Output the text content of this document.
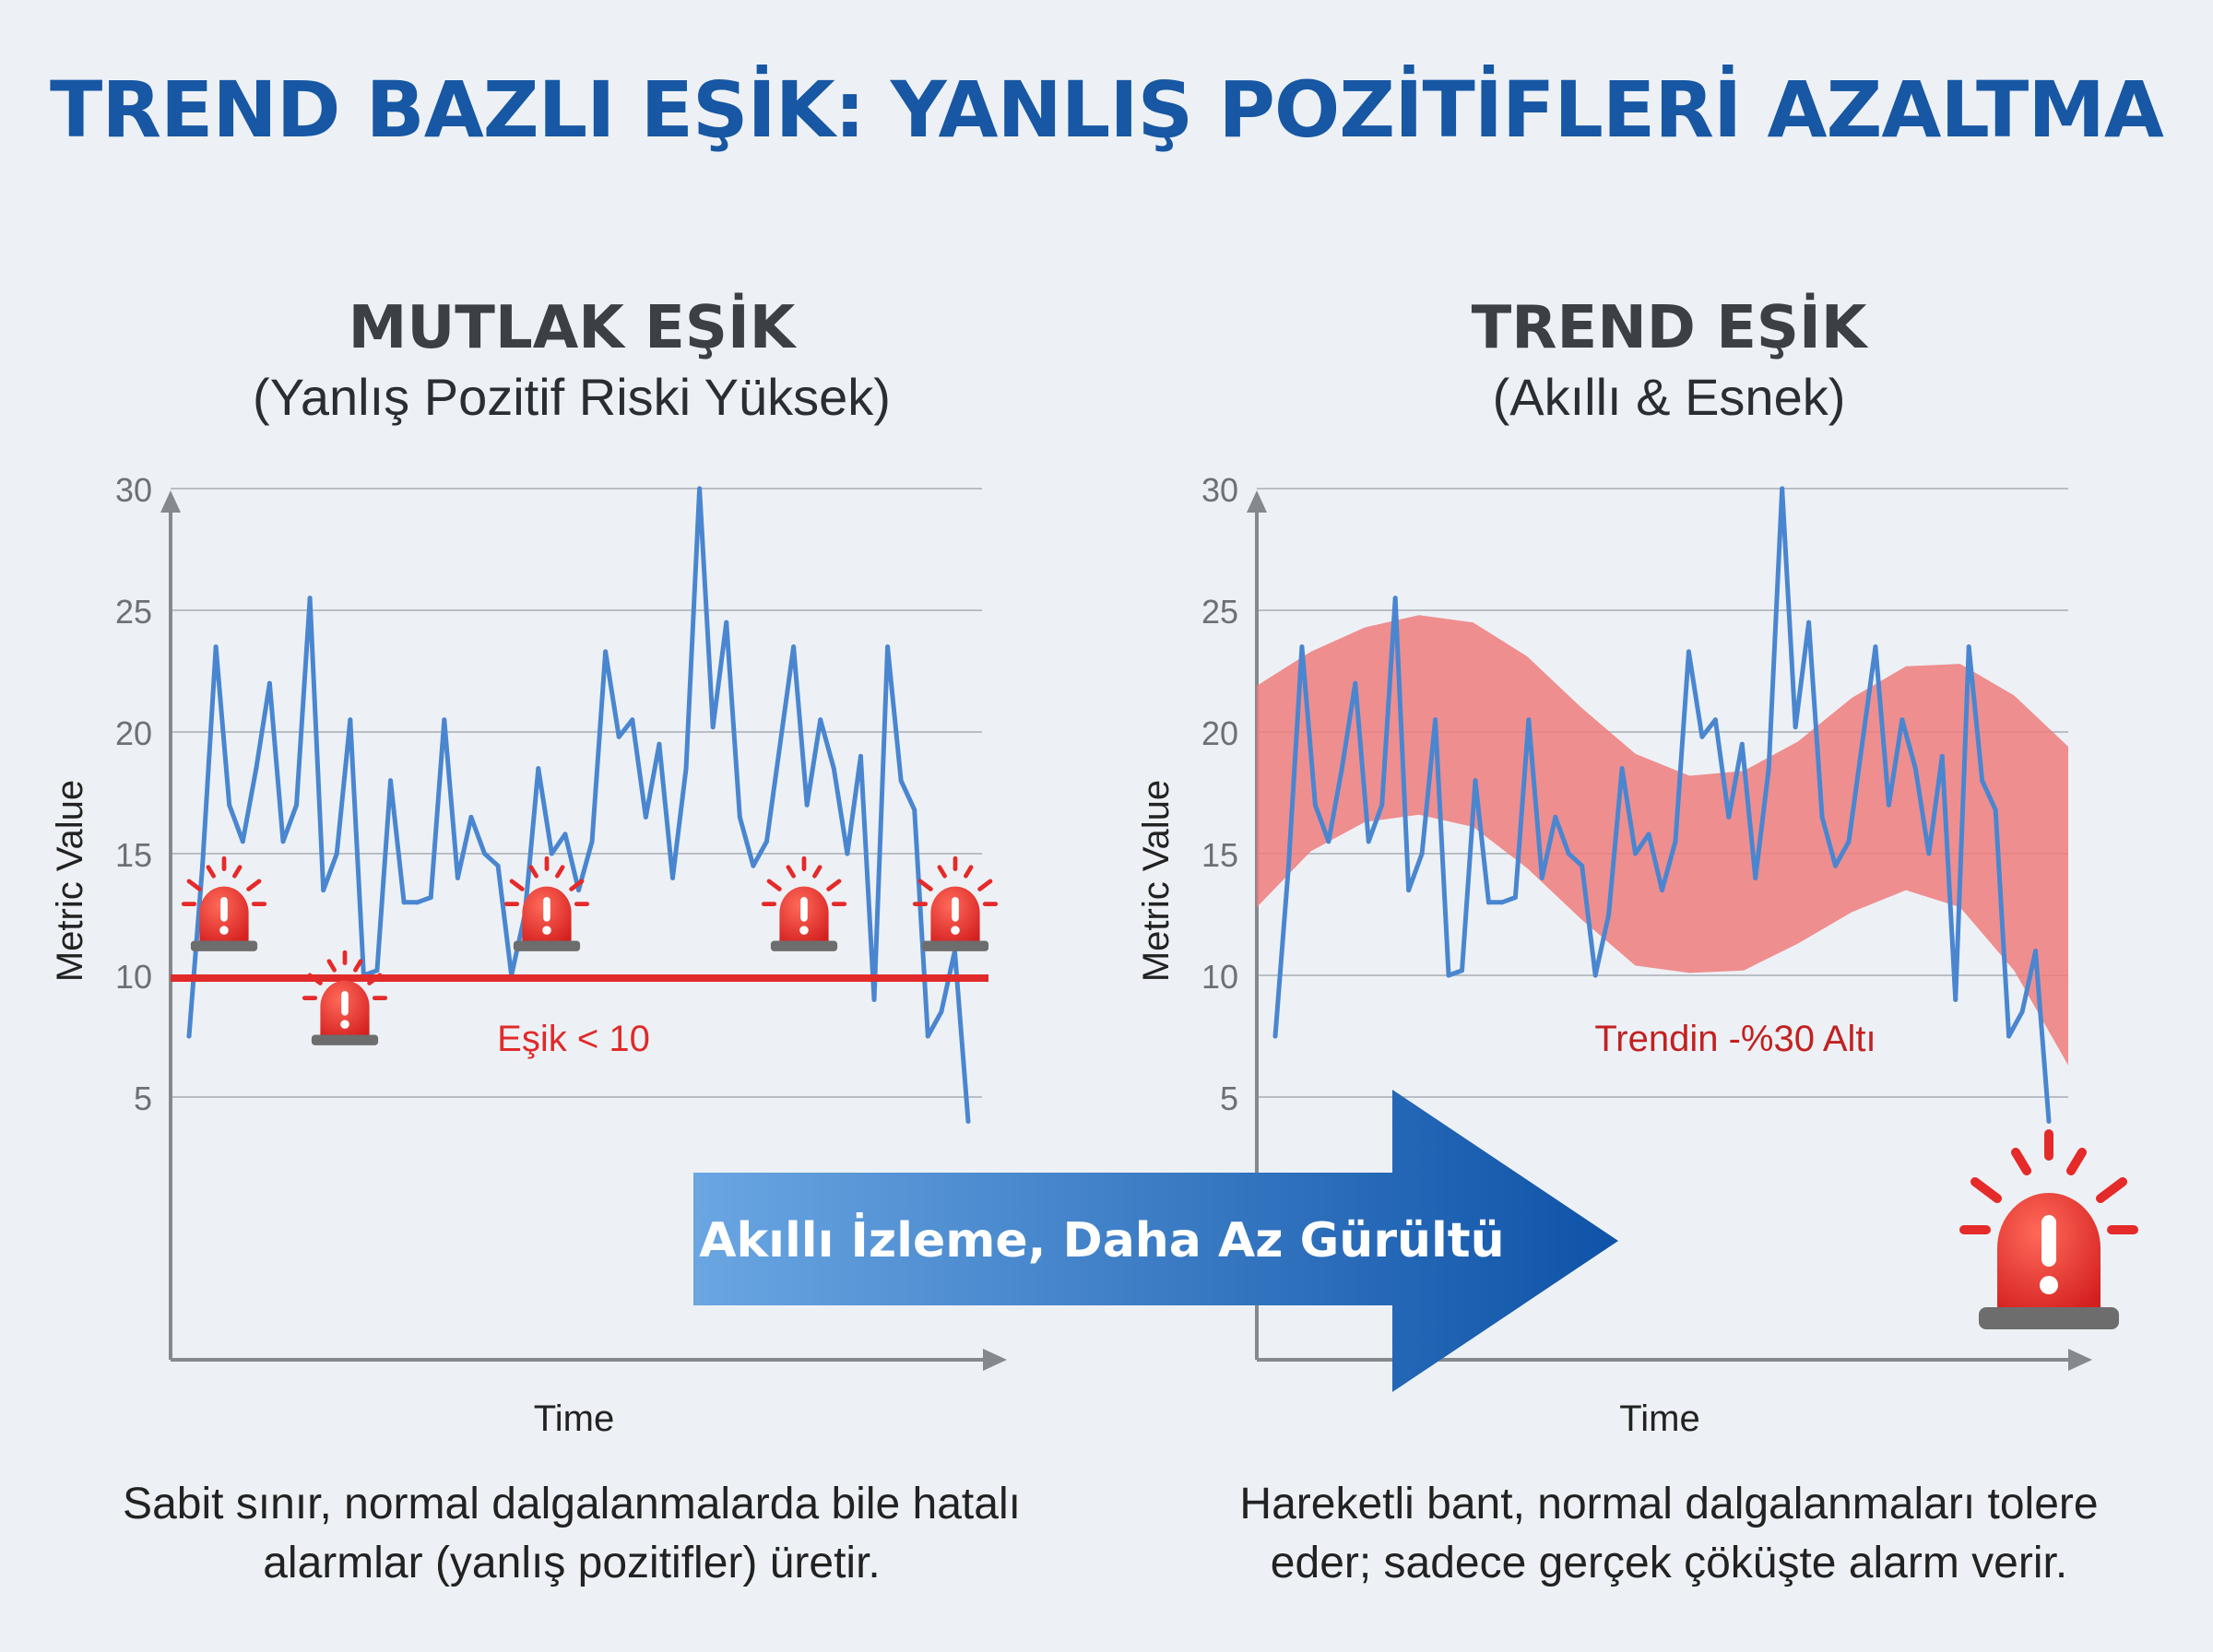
TREND BAZLI EŞİK: YANLIŞ POZİTİFLERİ AZALTMA
MUTLAK EŞİK
(Yanlış Pozitif Riski Yüksek)
TREND EŞİK
(Akıllı & Esnek)
5
10
15
20
25
30
Metric Value
Time
Eşik < 10
5
10
15
20
25
30
Metric Value
Time
Trendin -%30 Altı
Akıllı İzleme, Daha Az Gürültü
Sabit sınır, normal dalgalanmalarda bile hatalı alarmlar (yanlış pozitifler) üretir.
Hareketli bant, normal dalgalanmaları tolere eder; sadece gerçek çöküşte alarm verir.
